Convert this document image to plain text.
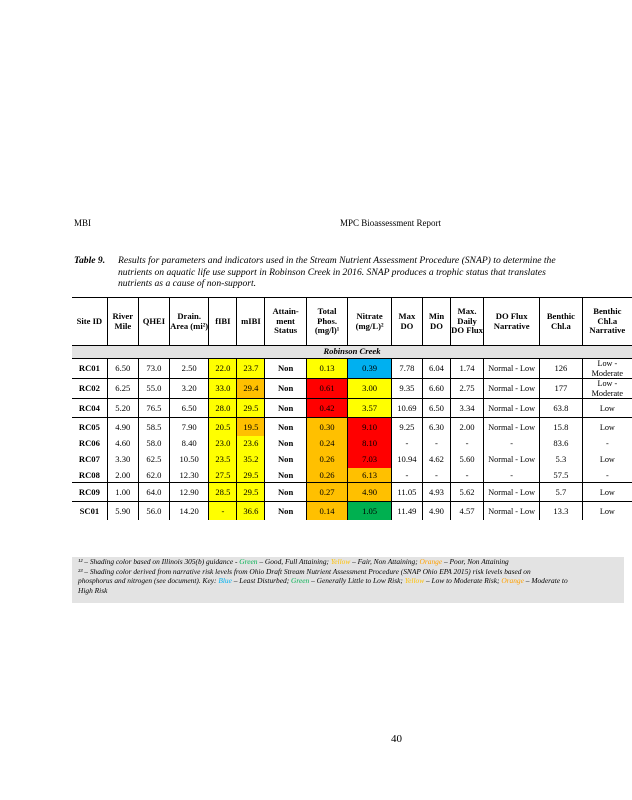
MBI	MPC Bioassessment Report
Table 9. Results for parameters and indicators used in the Stream Nutrient Assessment Procedure (SNAP) to determine the
nutrients on aquatic life use support in Robinson Creek in 2016. SNAP produces a trophic status that translates
nutrients as a cause of non-support.
Site ID	River Mile	QHEI	Drain. Area (mi²)	fIBI	mIBI	Attain-ment Status	Total Phos. (mg/l)¹	Nitrate (mg/L)²	Max DO	Min DO	Max. Daily DO Flux	DO Flux Narrative	Benthic Chl.a	Benthic Chl.a Narrative
Robinson Creek														
RC01	6.50	73.0	2.50	22.0	23.7	Non	0.13	0.39	7.78	6.04	1.74	Normal - Low	126	Low - Moderate
RC02	6.25	55.0	3.20	33.0	29.4	Non	0.61	3.00	9.35	6.60	2.75	Normal - Low	177	Low - Moderate
RC04	5.20	76.5	6.50	28.0	29.5	Non	0.42	3.57	10.69	6.50	3.34	Normal - Low	63.8	Low
RC05	4.90	58.5	7.90	20.5	19.5	Non	0.30	9.10	9.25	6.30	2.00	Normal - Low	15.8	Low
RC06	4.60	58.0	8.40	23.0	23.6	Non	0.24	8.10	-	-	-	-	83.6	-
RC07	3.30	62.5	10.50	23.5	35.2	Non	0.26	7.03	10.94	4.62	5.60	Normal - Low	5.3	Low
RC08	2.00	62.0	12.30	27.5	29.5	Non	0.26	6.13	-	-	-	-	57.5	-
RC09	1.00	64.0	12.90	28.5	29.5	Non	0.27	4.90	11.05	4.93	5.62	Normal - Low	5.7	Low
SC01	5.90	56.0	14.20	-	36.6	Non	0.14	1.05	11.49	4.90	4.57	Normal - Low	13.3	Low
¹² – Shading color based on Illinois 305(b) guidance - Green – Good, Full Attaining; Yellow – Fair, Non Attaining; Orange – Poor, Non Attaining
²³ – Shading color derived from narrative risk levels from Ohio Draft Stream Nutrient Assessment Procedure (SNAP Ohio EPA 2015) risk levels based on
phosphorus and nitrogen (see document). Key: Blue – Least Disturbed; Green – Generally Little to Low Risk; Yellow – Low to Moderate Risk; Orange – Moderate to
High Risk
40
